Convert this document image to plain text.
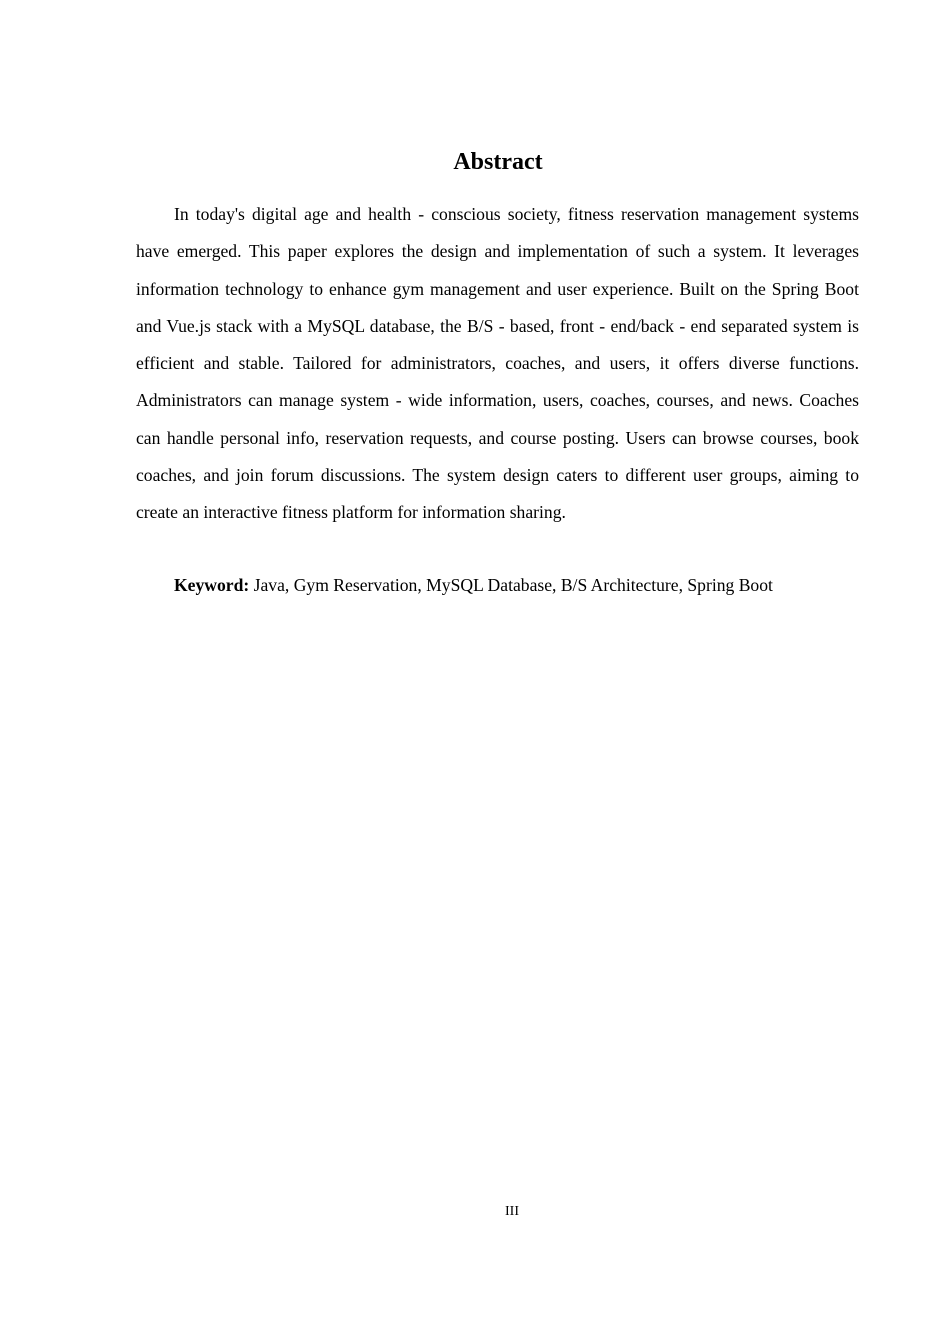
Abstract

In today's digital age and health - conscious society, fitness reservation management systems have emerged. This paper explores the design and implementation of such a system. It leverages information technology to enhance gym management and user experience. Built on the Spring Boot and Vue.js stack with a MySQL database, the B/S - based, front - end/back - end separated system is efficient and stable. Tailored for administrators, coaches, and users, it offers diverse functions. Administrators can manage system - wide information, users, coaches, courses, and news. Coaches can handle personal info, reservation requests, and course posting. Users can browse courses, book coaches, and join forum discussions. The system design caters to different user groups, aiming to create an interactive fitness platform for information sharing.

Keyword: Java, Gym Reservation, MySQL Database, B/S Architecture, Spring Boot

III
